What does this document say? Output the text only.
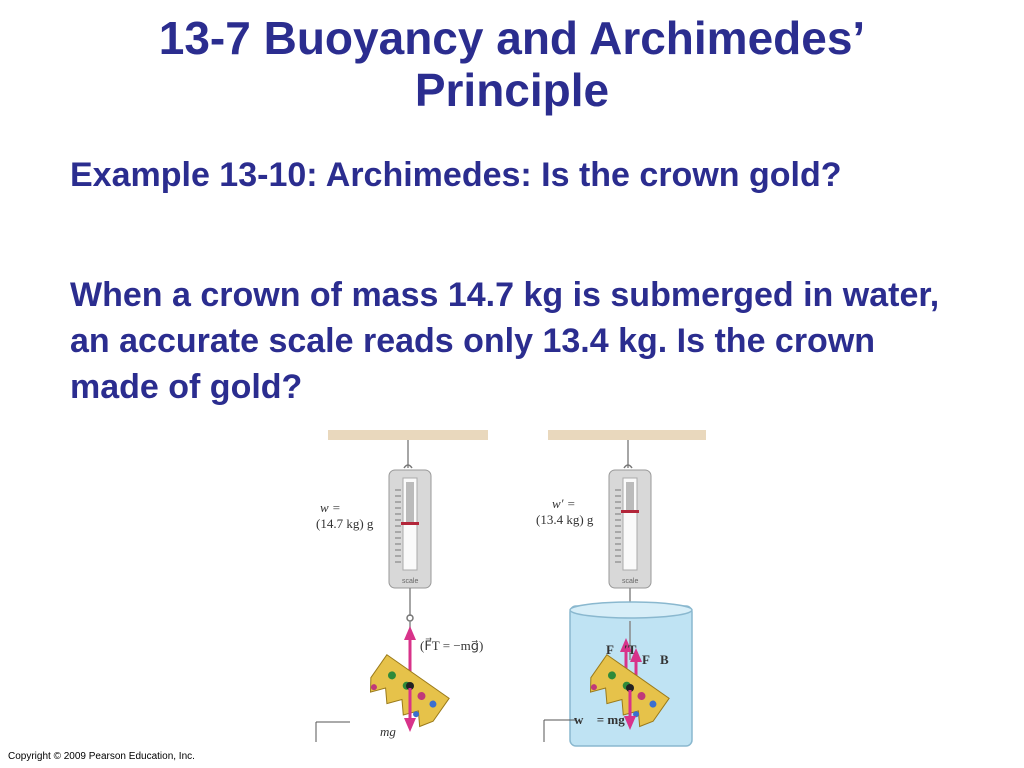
13-7 Buoyancy and Archimedes’
Principle

Example 13-10: Archimedes: Is the crown gold?

When a crown of mass 14.7 kg is submerged in water, an accurate scale reads only 13.4 kg. Is the crown made of gold?

w =
(14.7 kg) g
scale
(F⃗T = −mg⃗)
mg⃗
w′ =
(13.4 kg) g
scale
F⃗′T
F⃗B
w⃗ = mg⃗
Copyright © 2009 Pearson Education, Inc.
